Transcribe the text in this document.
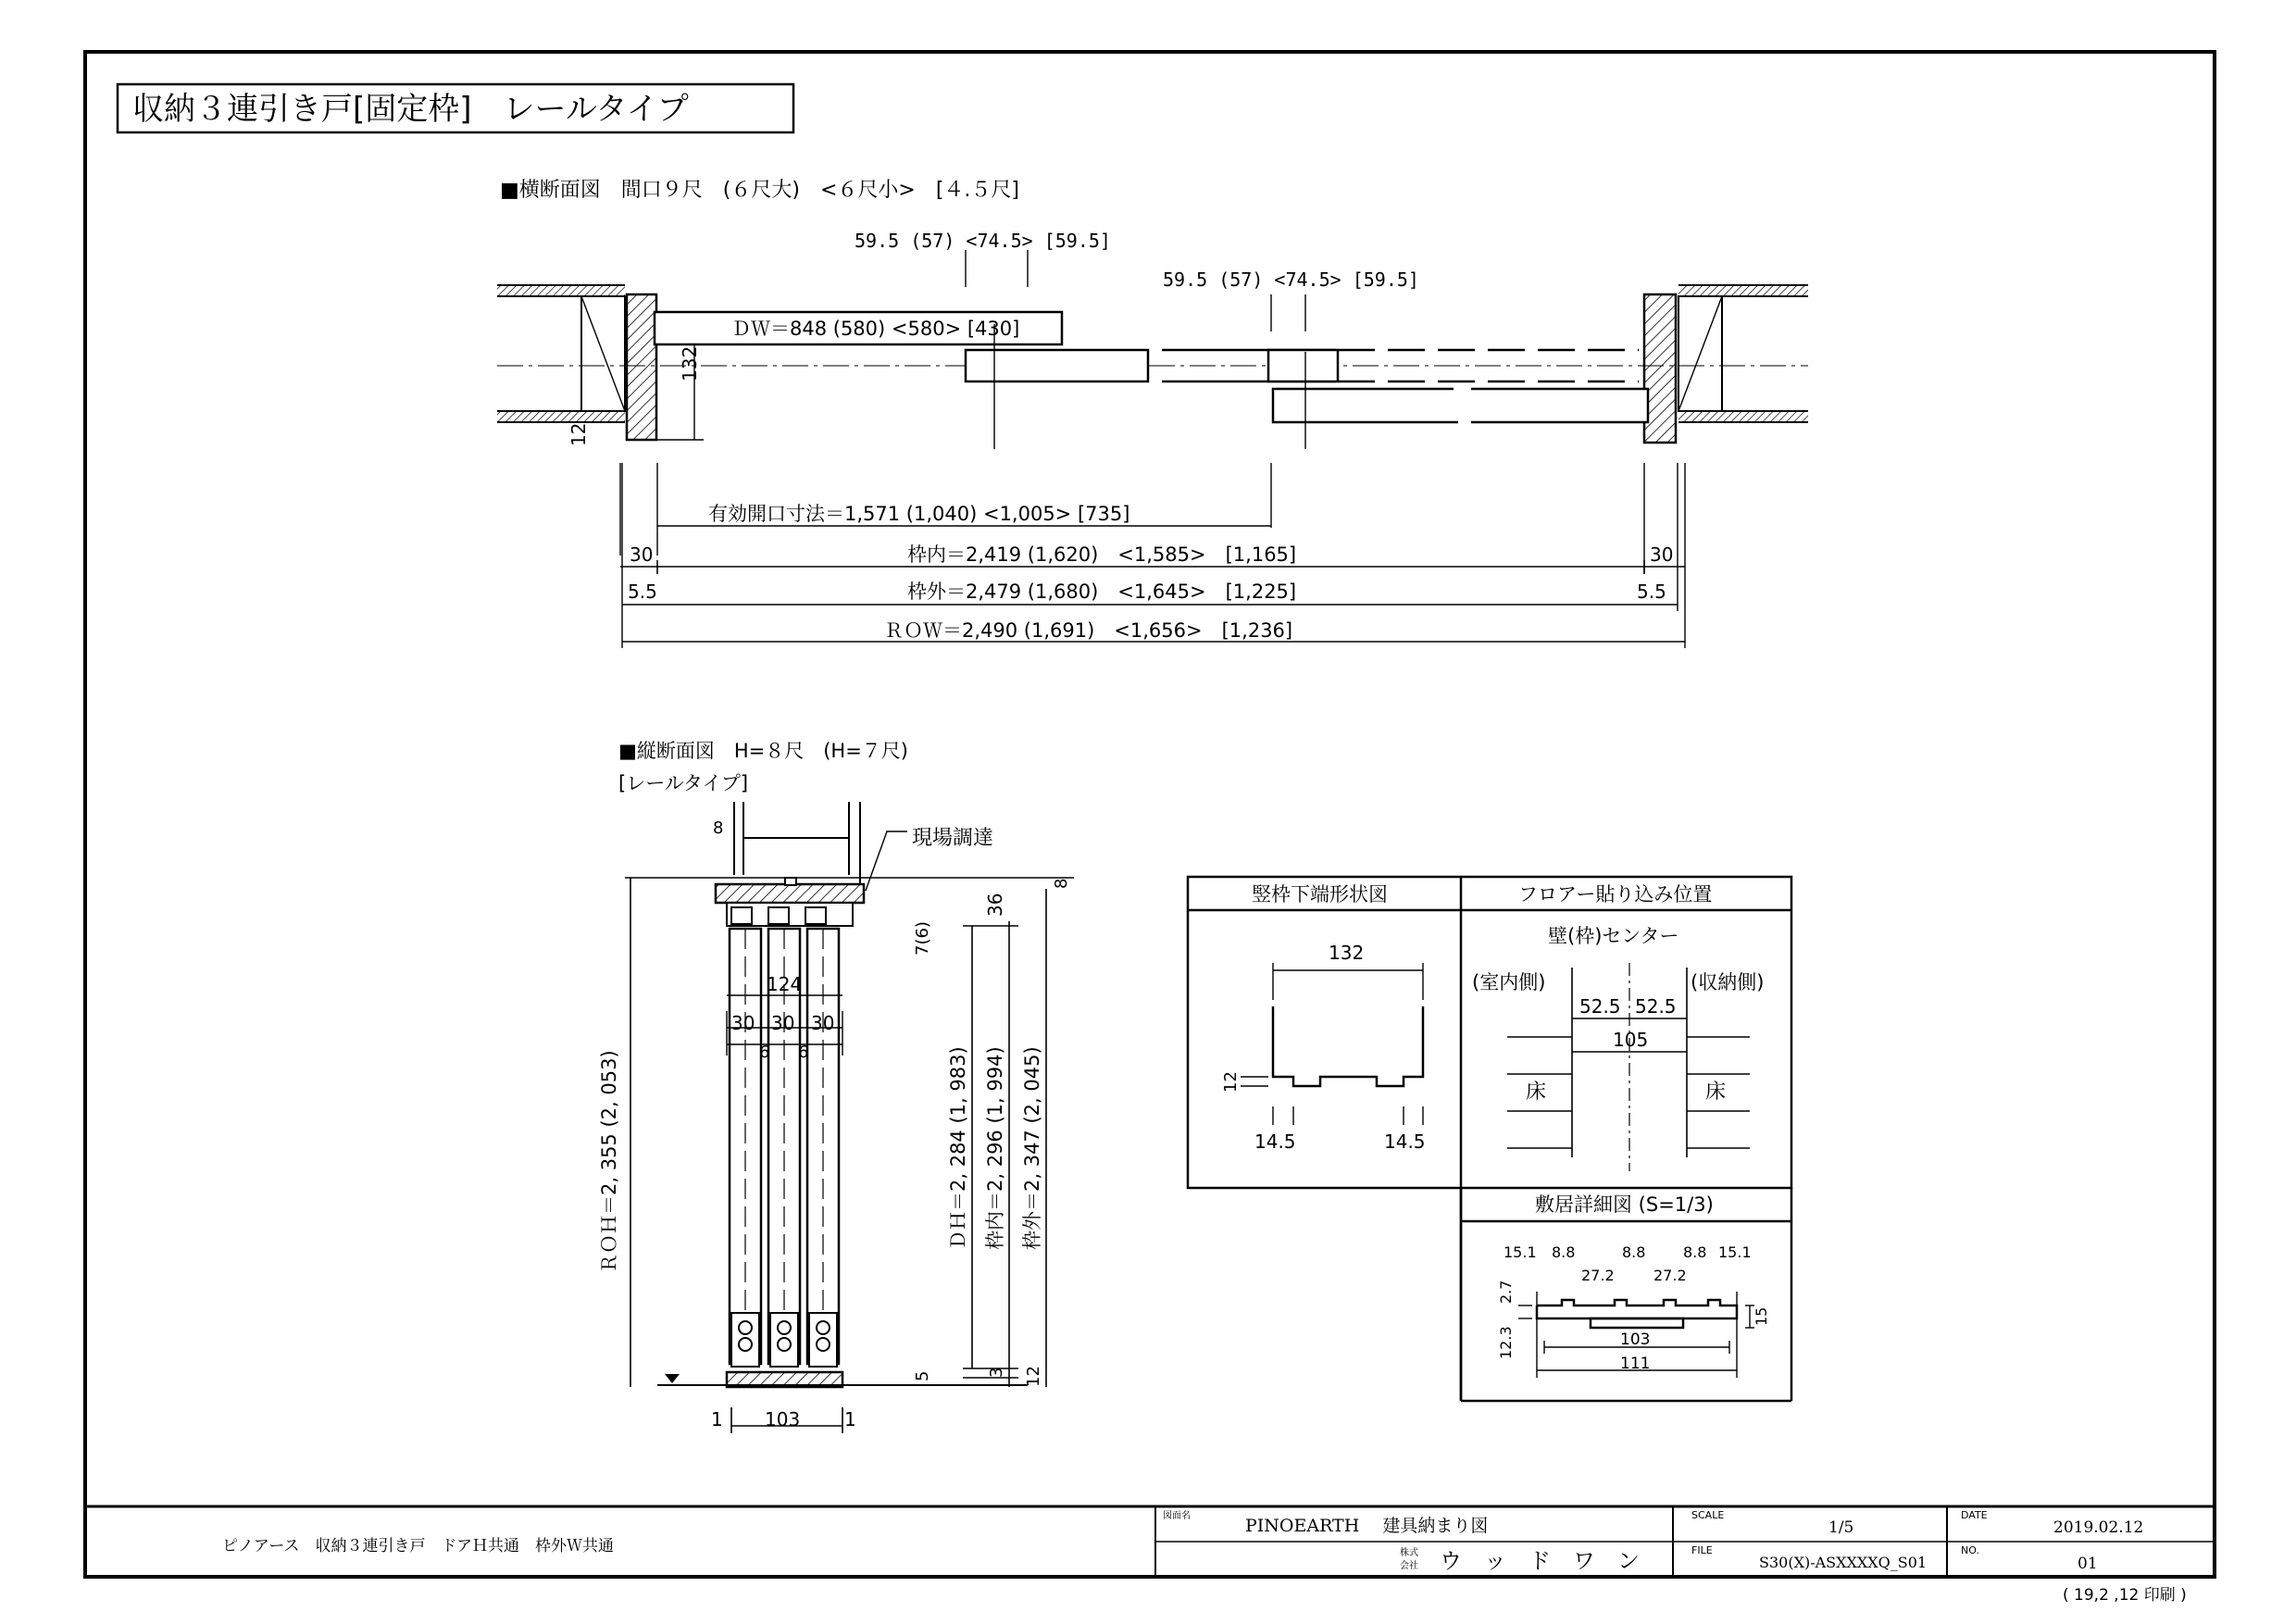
収納３連引き戸[固定枠]　レールタイプ
■横断面図　間口９尺　(６尺大)　<６尺小>　[４.５尺]
59.5 (57) <74.5> [59.5]
59.5 (57) <74.5> [59.5]
ＤＷ＝848 (580) <580> [430]
132
12
有効開口寸法＝1,571 (1,040) <1,005> [735]
30	枠内＝2,419 (1,620)　<1,585>　[1,165]	30
5.5	枠外＝2,479 (1,680)　<1,645>　[1,225]	5.5
ＲＯＷ＝2,490 (1,691)　<1,656>　[1,236]
■縦断面図　H=８尺　(H=７尺)
[レールタイプ]
現場調達
8
8
36
7(6)
124
30 30 30
6 6
ＲＯＨ＝2, 355 (2, 053)	ＤＨ＝2, 284 (1, 983) 枠内＝2, 296 (1, 994) 枠外＝2, 347 (2, 045)
5	3 12
1 103 1
竪枠下端形状図
132
12
14.5	14.5
フロアー貼り込み位置
壁(枠)センター
(室内側)	(収納側)
52.5 52.5
105
床	床
敷居詳細図 (S=1/3)
15.1 8.8	8.8	8.8 15.1
27.2	27.2
2.7
12.3
15
103
111
ピノアース　収納３連引き戸　ドアＨ共通　枠外Ｗ共通
図面名	PINOEARTH　 建具納まり図
株式
会社 ウ　ッ　ド　ワ　ン
SCALE
1/5
FILE
S30(X)-ASXXXXQ_S01
DATE
2019.02.12
NO.
01
( 19,2 ,12 印刷 )
